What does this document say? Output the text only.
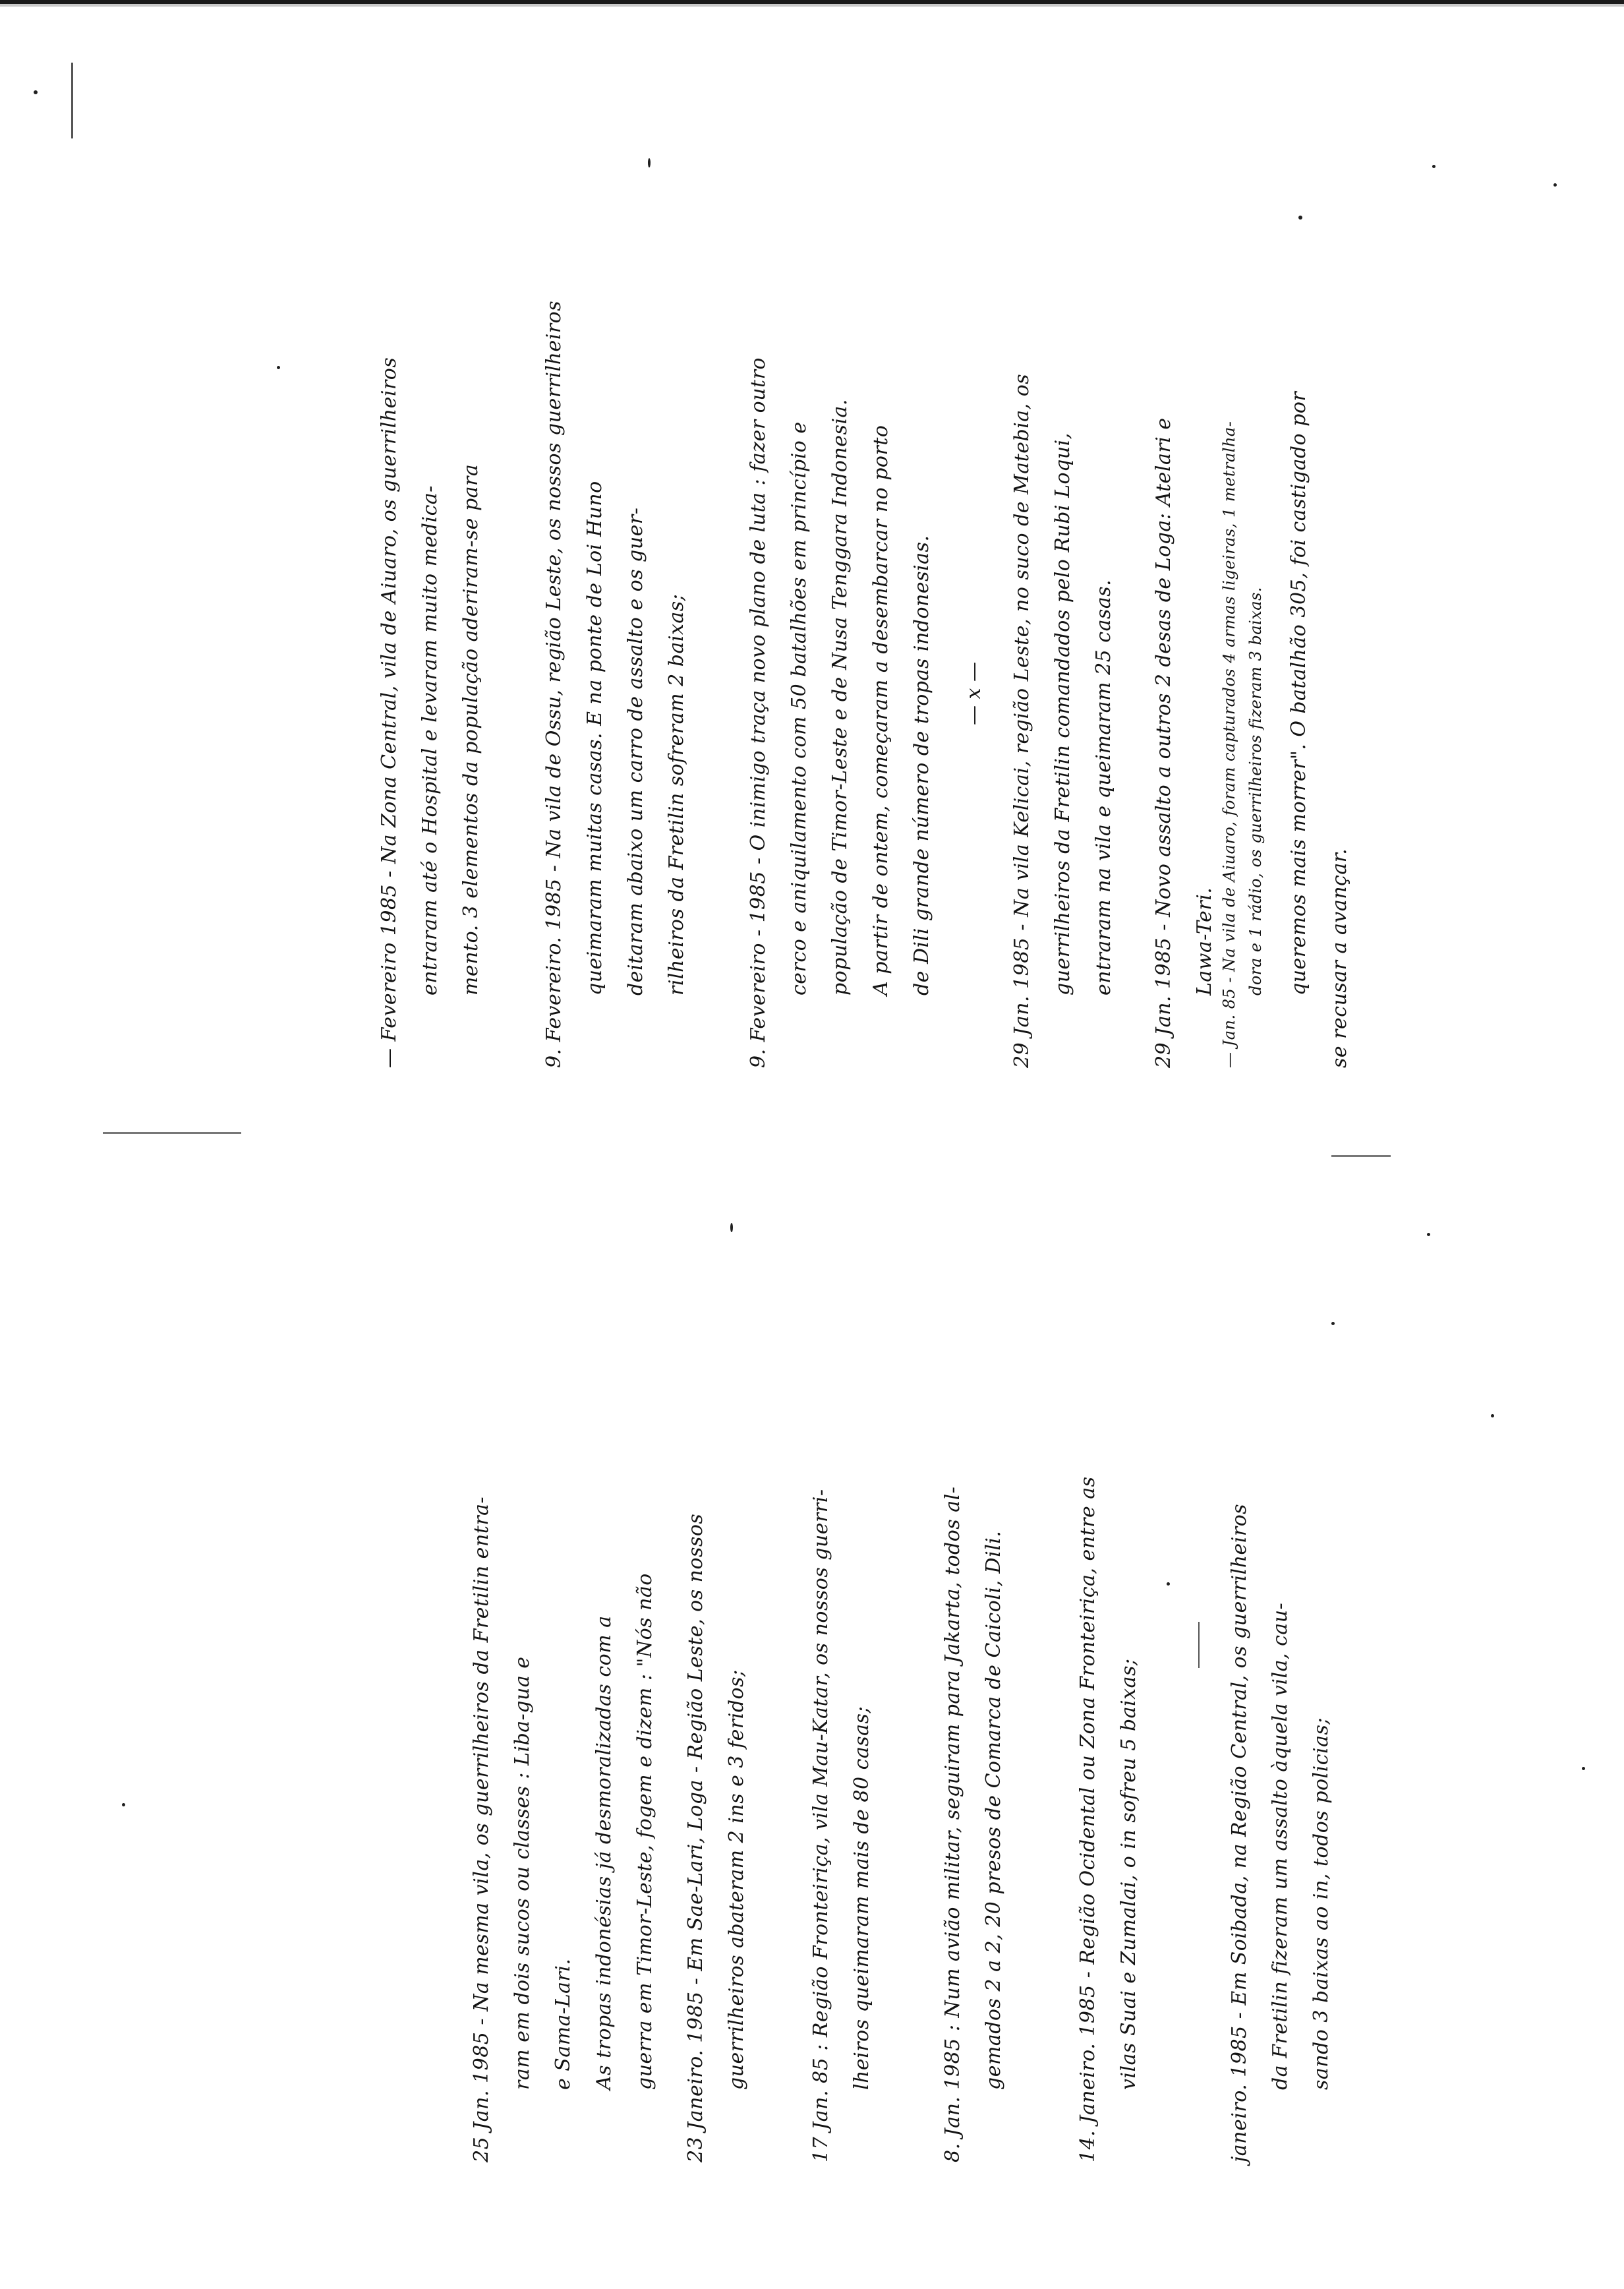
janeiro. 1985 - Em Soibada, na Região Central, os guerrilheiros da Fretilin fizeram um assalto àquela vila, cau- sando 3 baixas ao in, todos policias;
14. Janeiro. 1985 - Região Ocidental ou Zona Fronteiriça, entre as vilas Suai e Zumalai, o in sofreu 5 baixas;
8. Jan. 1985 : Num avião militar, seguiram para Jakarta, todos al- gemados 2 a 2, 20 presos de Comarca de Caicoli, Dili.
17 Jan. 85 : Região Fronteiriça, vila Mau-Katar, os nossos guerri- lheiros queimaram mais de 80 casas;
23 Janeiro. 1985 - Em Sae-Lari, Loga - Região Leste, os nossos guerrilheiros abateram 2 ins e 3 feridos;
25 Jan. 1985 - Na mesma vila, os guerrilheiros da Fretilin entra- ram em dois sucos ou classes : Liba-gua e e Sama-Lari. As tropas indonésias já desmoralizadas com a guerra em Timor-Leste, fogem e dizem : "Nós não
queremos mais morrer". O batalhão 305, foi castigado por se recusar a avançar.
— Jan. 85 - Na vila de Aiuaro, foram capturados 4 armas ligeiras, 1 metralha- dora e 1 rádio, os guerrilheiros fizeram 3 baixas.
29 Jan. 1985 - Novo assalto a outros 2 desas de Loga: Atelari e Lawa-Teri.
29 Jan. 1985 - Na vila Kelicai, região Leste, no suco de Matebia, os guerrilheiros da Fretilin comandados pelo Rubi Loqui, entraram na vila e queimaram 25 casas.
— x —
9. Fevereiro - 1985 - O inimigo traça novo plano de luta : fazer outro cerco e aniquilamento com 50 batalhões em princípio e população de Timor-Leste e de Nusa Tenggara Indonesia. A partir de ontem, começaram a desembarcar no porto de Dili grande número de tropas indonesias.
9. Fevereiro. 1985 - Na vila de Ossu, região Leste, os nossos guerrilheiros queimaram muitas casas. E na ponte de Loi Huno deitaram abaixo um carro de assalto e os guer- rilheiros da Fretilin sofreram 2 baixas;
— Fevereiro 1985 - Na Zona Central, vila de Aiuaro, os guerrilheiros entraram até o Hospital e levaram muito medica- mento. 3 elementos da população aderiram-se para
